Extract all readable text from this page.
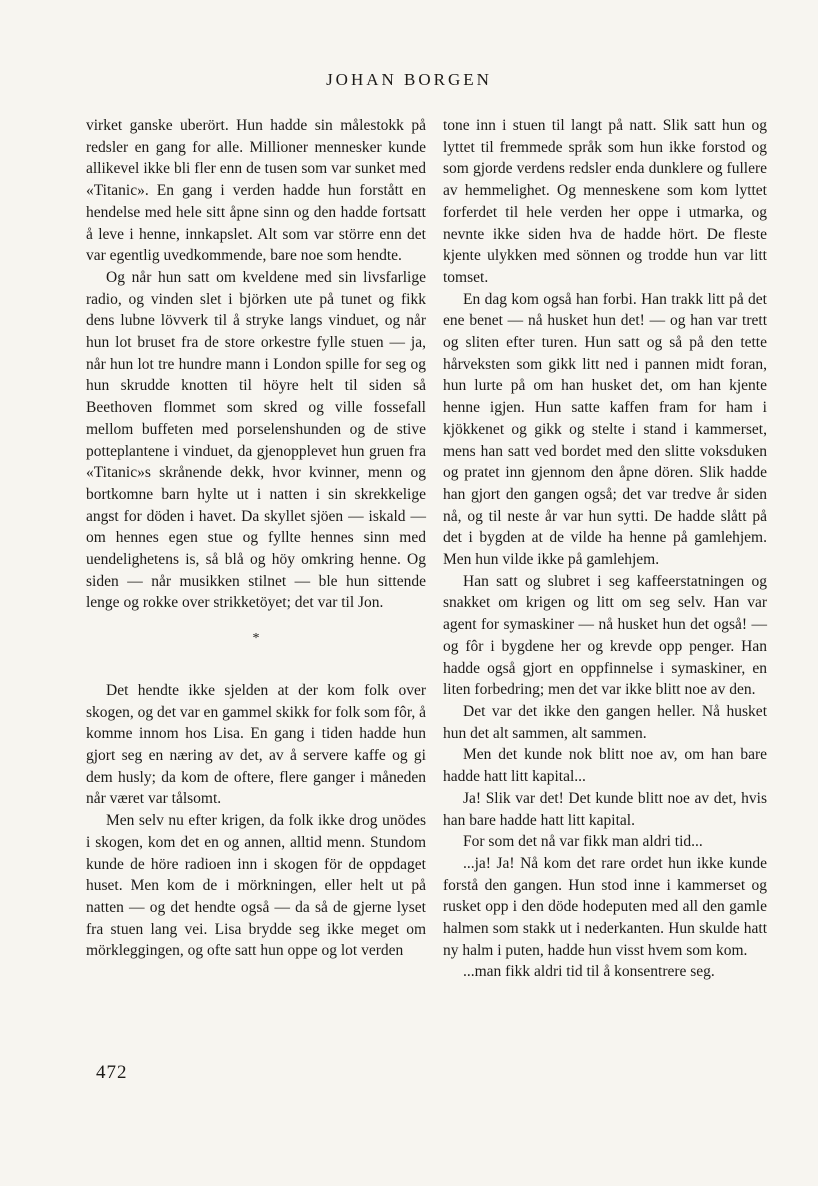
JOHAN BORGEN

virket ganske uberört. Hun hadde sin målestokk på redsler en gang for alle. Millioner mennesker kunde allikevel ikke bli fler enn de tusen som var sunket med «Titanic». En gang i verden hadde hun forstått en hendelse med hele sitt åpne sinn og den hadde fortsatt å leve i henne, innkapslet. Alt som var större enn det var egentlig uvedkommende, bare noe som hendte.

Og når hun satt om kveldene med sin livsfarlige radio, og vinden slet i björken ute på tunet og fikk dens lubne lövverk til å stryke langs vinduet, og når hun lot bruset fra de store orkestre fylle stuen — ja, når hun lot tre hundre mann i London spille for seg og hun skrudde knotten til höyre helt til siden så Beethoven flommet som skred og ville fossefall mellom buffeten med porselenshunden og de stive potteplantene i vinduet, da gjenopplevet hun gruen fra «Titanic»s skrånende dekk, hvor kvinner, menn og bortkomne barn hylte ut i natten i sin skrekkelige angst for döden i havet. Da skyllet sjöen — iskald — om hennes egen stue og fyllte hennes sinn med uendelighetens is, så blå og höy omkring henne. Og siden — når musikken stilnet — ble hun sittende lenge og rokke over strikketöyet; det var til Jon.

*

Det hendte ikke sjelden at der kom folk over skogen, og det var en gammel skikk for folk som fôr, å komme innom hos Lisa. En gang i tiden hadde hun gjort seg en næring av det, av å servere kaffe og gi dem husly; da kom de oftere, flere ganger i måneden når været var tålsomt.

Men selv nu efter krigen, da folk ikke drog unödes i skogen, kom det en og annen, alltid menn. Stundom kunde de höre radioen inn i skogen för de oppdaget huset. Men kom de i mörkningen, eller helt ut på natten — og det hendte også — da så de gjerne lyset fra stuen lang vei. Lisa brydde seg ikke meget om mörkleggingen, og ofte satt hun oppe og lot verden

tone inn i stuen til langt på natt. Slik satt hun og lyttet til fremmede språk som hun ikke forstod og som gjorde verdens redsler enda dunklere og fullere av hemmelighet. Og menneskene som kom lyttet forferdet til hele verden her oppe i utmarka, og nevnte ikke siden hva de hadde hört. De fleste kjente ulykken med sönnen og trodde hun var litt tomset.

En dag kom også han forbi. Han trakk litt på det ene benet — nå husket hun det! — og han var trett og sliten efter turen. Hun satt og så på den tette hårveksten som gikk litt ned i pannen midt foran, hun lurte på om han husket det, om han kjente henne igjen. Hun satte kaffen fram for ham i kjökkenet og gikk og stelte i stand i kammerset, mens han satt ved bordet med den slitte voksduken og pratet inn gjennom den åpne dören. Slik hadde han gjort den gangen også; det var tredve år siden nå, og til neste år var hun sytti. De hadde slått på det i bygden at de vilde ha henne på gamlehjem. Men hun vilde ikke på gamlehjem.

Han satt og slubret i seg kaffeerstatningen og snakket om krigen og litt om seg selv. Han var agent for symaskiner — nå husket hun det også! — og fôr i bygdene her og krevde opp penger. Han hadde også gjort en oppfinnelse i symaskiner, en liten forbedring; men det var ikke blitt noe av den.

Det var det ikke den gangen heller. Nå husket hun det alt sammen, alt sammen.

Men det kunde nok blitt noe av, om han bare hadde hatt litt kapital...

Ja! Slik var det! Det kunde blitt noe av det, hvis han bare hadde hatt litt kapital.

For som det nå var fikk man aldri tid...

...ja! Ja! Nå kom det rare ordet hun ikke kunde forstå den gangen. Hun stod inne i kammerset og rusket opp i den döde hodeputen med all den gamle halmen som stakk ut i nederkanten. Hun skulde hatt ny halm i puten, hadde hun visst hvem som kom.

...man fikk aldri tid til å konsentrere seg.

472
